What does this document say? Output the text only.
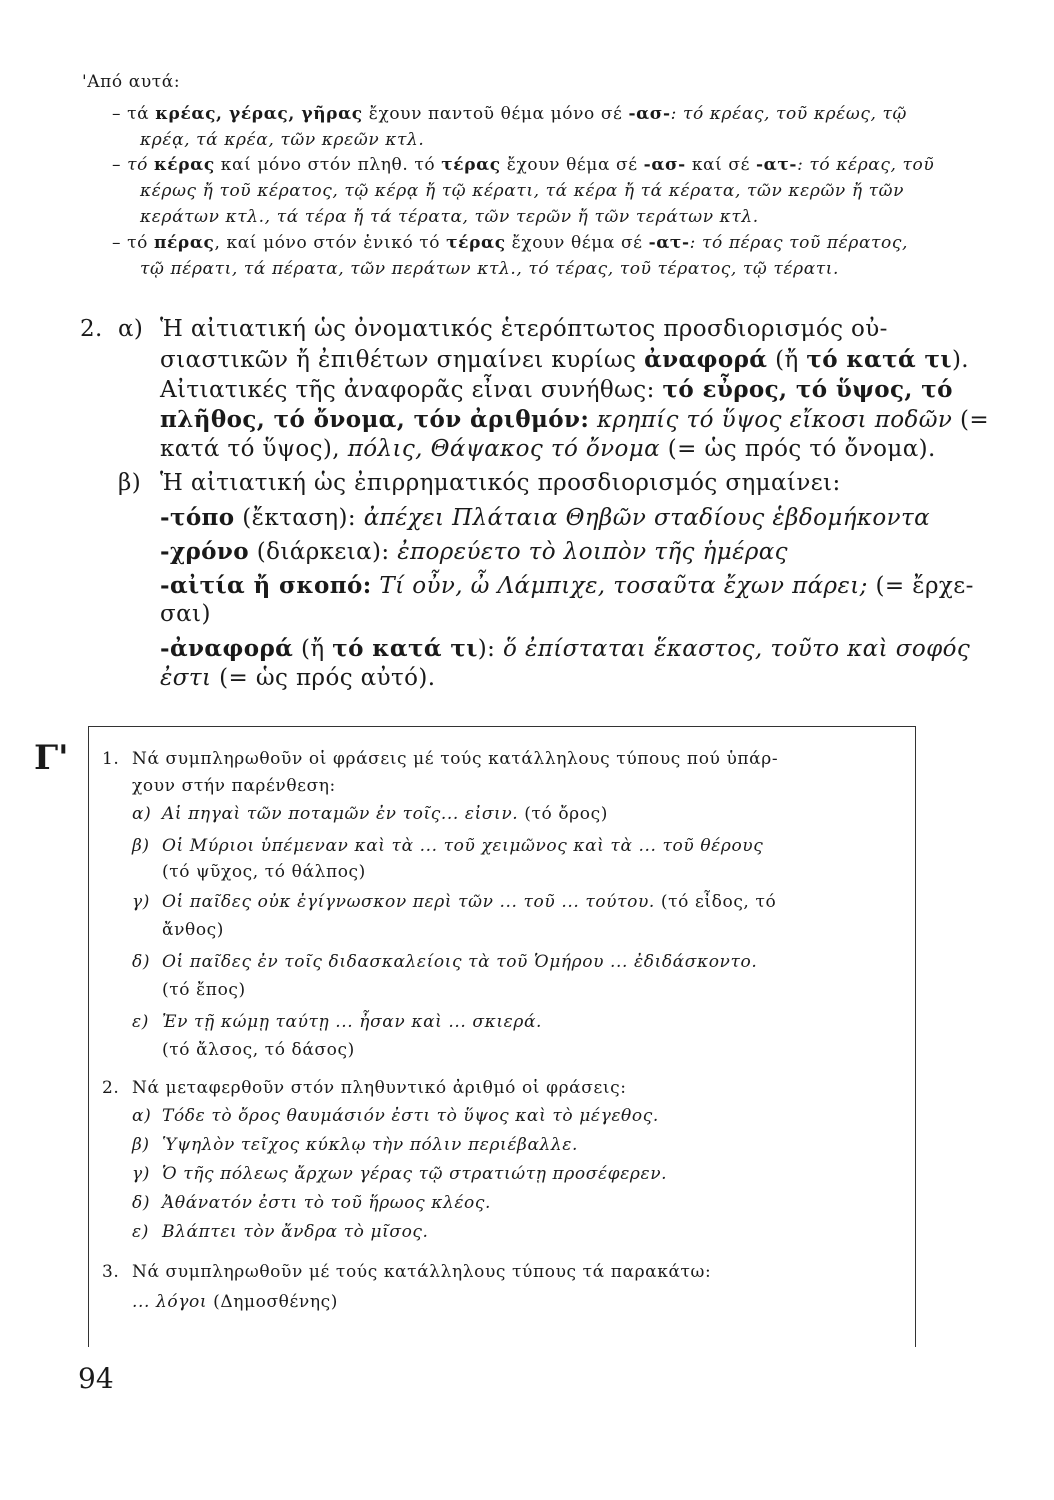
'Από αυτά:
– τά κρέας, γέρας, γῆρας ἔχουν παντοῦ θέμα μόνο σέ -ασ-: τό κρέας, τοῦ κρέως, τῷ
κρέᾳ, τά κρέα, τῶν κρεῶν κτλ.
– τό κέρας καί μόνο στόν πληθ. τό τέρας ἔχουν θέμα σέ -ασ- καί σέ -ατ-: τό κέρας, τοῦ
κέρως ἤ τοῦ κέρατος, τῷ κέρᾳ ἤ τῷ κέρατι, τά κέρα ἤ τά κέρατα, τῶν κερῶν ἤ τῶν
κεράτων κτλ., τά τέρα ἤ τά τέρατα, τῶν τερῶν ἤ τῶν τεράτων κτλ.
– τό πέρας, καί μόνο στόν ἑνικό τό τέρας ἔχουν θέμα σέ -ατ-: τό πέρας τοῦ πέρατος,
τῷ πέρατι, τά πέρατα, τῶν περάτων κτλ., τό τέρας, τοῦ τέρατος, τῷ τέρατι.
2. α) Ἡ αἰτιατική ὡς ὀνοματικός ἑτερόπτωτος προσδιορισμός οὐ-
σιαστικῶν ἤ ἐπιθέτων σημαίνει κυρίως ἀναφορά (ἤ τό κατά τι).
Αἰτιατικές τῆς ἀναφορᾶς εἶναι συνήθως: τό εὖρος, τό ὕψος, τό
πλῆθος, τό ὄνομα, τόν ἀριθμόν: κρηπίς τό ὕψος εἴκοσι ποδῶν (=
κατά τό ὕψος), πόλις, Θάψακος τό ὄνομα (= ὡς πρός τό ὄνομα).
β) Ἡ αἰτιατική ὡς ἐπιρρηματικός προσδιορισμός σημαίνει:
-τόπο (ἔκταση): ἀπέχει Πλάταια Θηβῶν σταδίους ἑβδομήκοντα
-χρόνο (διάρκεια): ἐπορεύετο τὸ λοιπὸν τῆς ἡμέρας
-αἰτία ἤ σκοπό: Τί οὖν, ὦ Λάμπιχε, τοσαῦτα ἔχων πάρει; (= ἔρχε-
σαι)
-ἀναφορά (ἤ τό κατά τι): ὅ ἐπίσταται ἕκαστος, τοῦτο καὶ σοφός
ἐστι (= ὡς πρός αὐτό).
Γ' 1. Νά συμπληρωθοῦν οἱ φράσεις μέ τούς κατάλληλους τύπους πού ὑπάρ-
χουν στήν παρένθεση:
α) Αἱ πηγαὶ τῶν ποταμῶν ἐν τοῖς... εἰσιν. (τό ὄρος)
β) Οἱ Μύριοι ὑπέμεναν καὶ τὰ ... τοῦ χειμῶνος καὶ τὰ ... τοῦ θέρους
(τό ψῦχος, τό θάλπος)
γ) Οἱ παῖδες οὐκ ἐγίγνωσκον περὶ τῶν ... τοῦ ... τούτου. (τό εἶδος, τό
ἄνθος)
δ) Οἱ παῖδες ἐν τοῖς διδασκαλείοις τὰ τοῦ Ὁμήρου ... ἐδιδάσκοντο.
(τό ἔπος)
ε) Ἐν τῇ κώμῃ ταύτῃ ... ἦσαν καὶ ... σκιερά.
(τό ἄλσος, τό δάσος)
2. Νά μεταφερθοῦν στόν πληθυντικό ἀριθμό οἱ φράσεις:
α) Τόδε τὸ ὄρος θαυμάσιόν ἐστι τὸ ὕψος καὶ τὸ μέγεθος.
β) Ὑψηλὸν τεῖχος κύκλῳ τὴν πόλιν περιέβαλλε.
γ) Ὁ τῆς πόλεως ἄρχων γέρας τῷ στρατιώτῃ προσέφερεν.
δ) Ἀθάνατόν ἐστι τὸ τοῦ ἥρωος κλέος.
ε) Βλάπτει τὸν ἄνδρα τὸ μῖσος.
3. Νά συμπληρωθοῦν μέ τούς κατάλληλους τύπους τά παρακάτω:
... λόγοι (Δημοσθένης)
94
